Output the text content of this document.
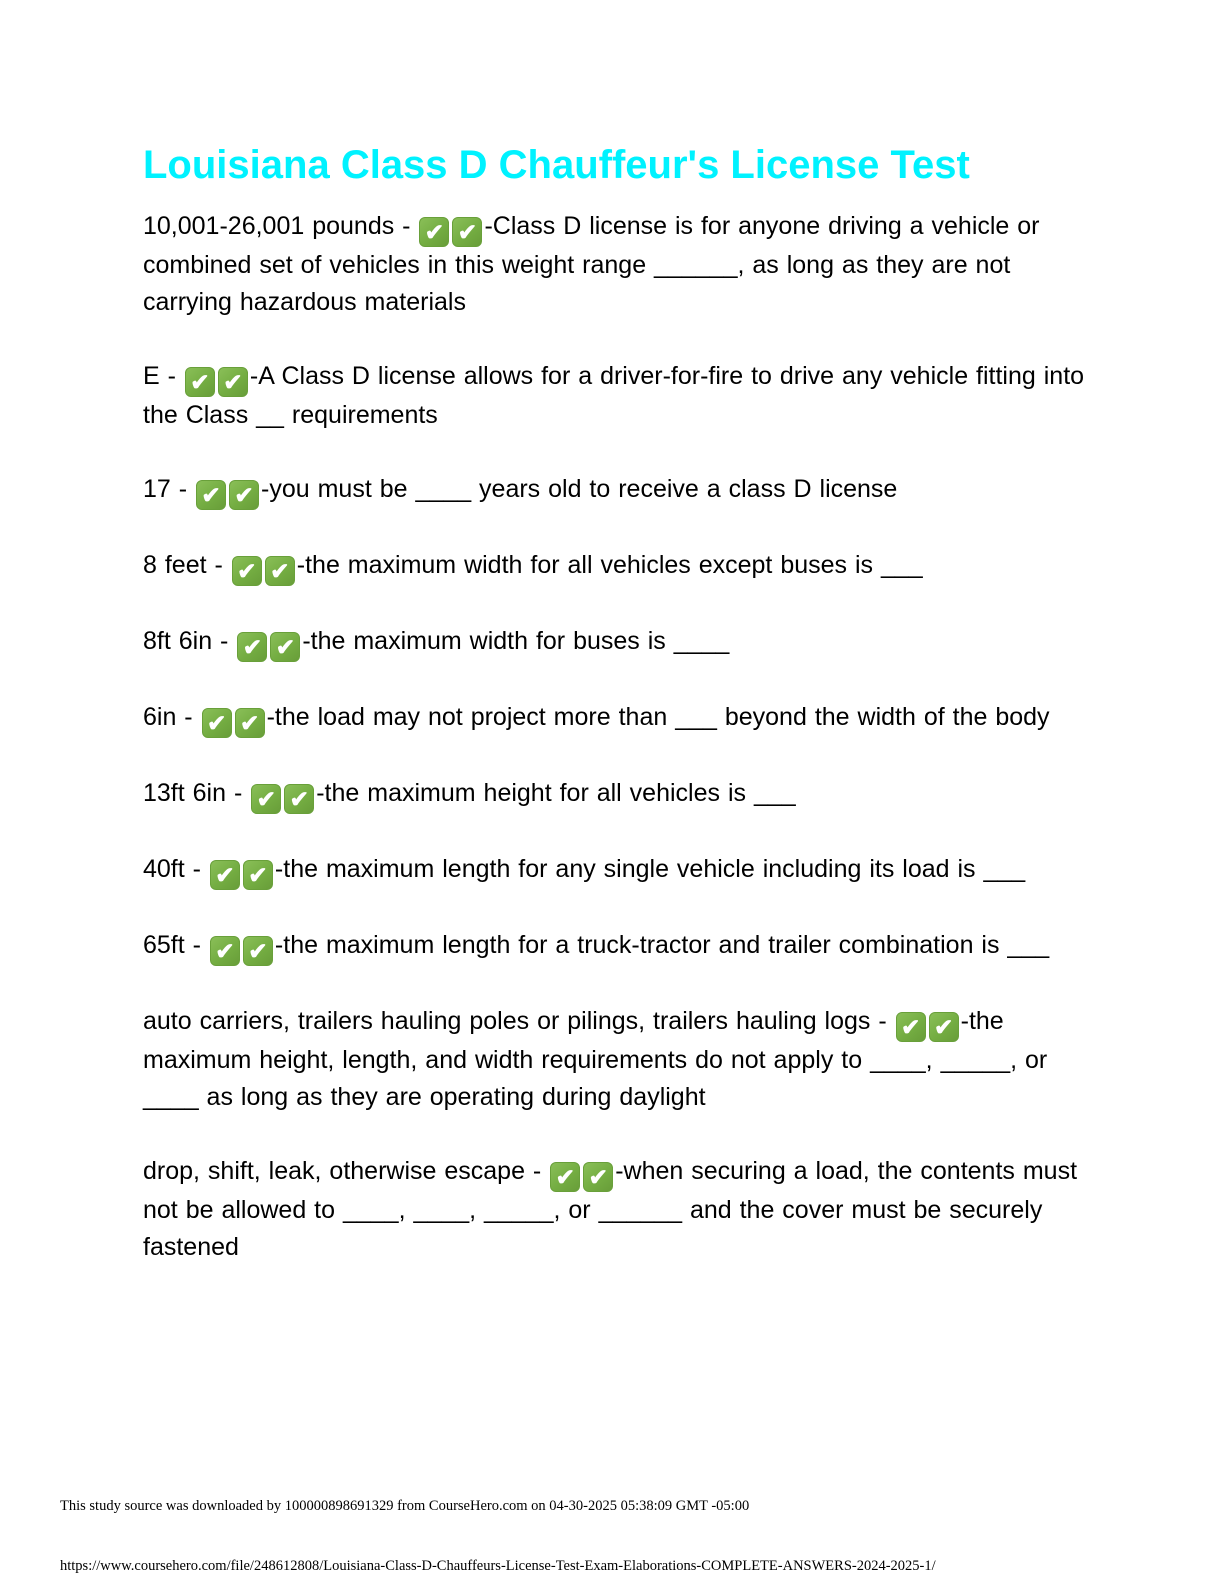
Louisiana Class D Chauffeur's License Test

10,001-26,001 pounds - ✔ ✔ -Class D license is for anyone driving a vehicle or combined set of vehicles in this weight range ______, as long as they are not carrying hazardous materials

E - ✔ ✔ -A Class D license allows for a driver-for-fire to drive any vehicle fitting into the Class __ requirements

17 - ✔ ✔ -you must be ____ years old to receive a class D license

8 feet - ✔ ✔ -the maximum width for all vehicles except buses is ___

8ft 6in - ✔ ✔ -the maximum width for buses is ____

6in - ✔ ✔ -the load may not project more than ___ beyond the width of the body

13ft 6in - ✔ ✔ -the maximum height for all vehicles is ___

40ft - ✔ ✔ -the maximum length for any single vehicle including its load is ___

65ft - ✔ ✔ -the maximum length for a truck-tractor and trailer combination is ___

auto carriers, trailers hauling poles or pilings, trailers hauling logs - ✔ ✔ -the maximum height, length, and width requirements do not apply to ____, _____, or ____ as long as they are operating during daylight

drop, shift, leak, otherwise escape - ✔ ✔ -when securing a load, the contents must not be allowed to ____, ____, _____, or ______ and the cover must be securely fastened

This study source was downloaded by 100000898691329 from CourseHero.com on 04-30-2025 05:38:09 GMT -05:00
https://www.coursehero.com/file/248612808/Louisiana-Class-D-Chauffeurs-License-Test-Exam-Elaborations-COMPLETE-ANSWERS-2024-2025-1/
